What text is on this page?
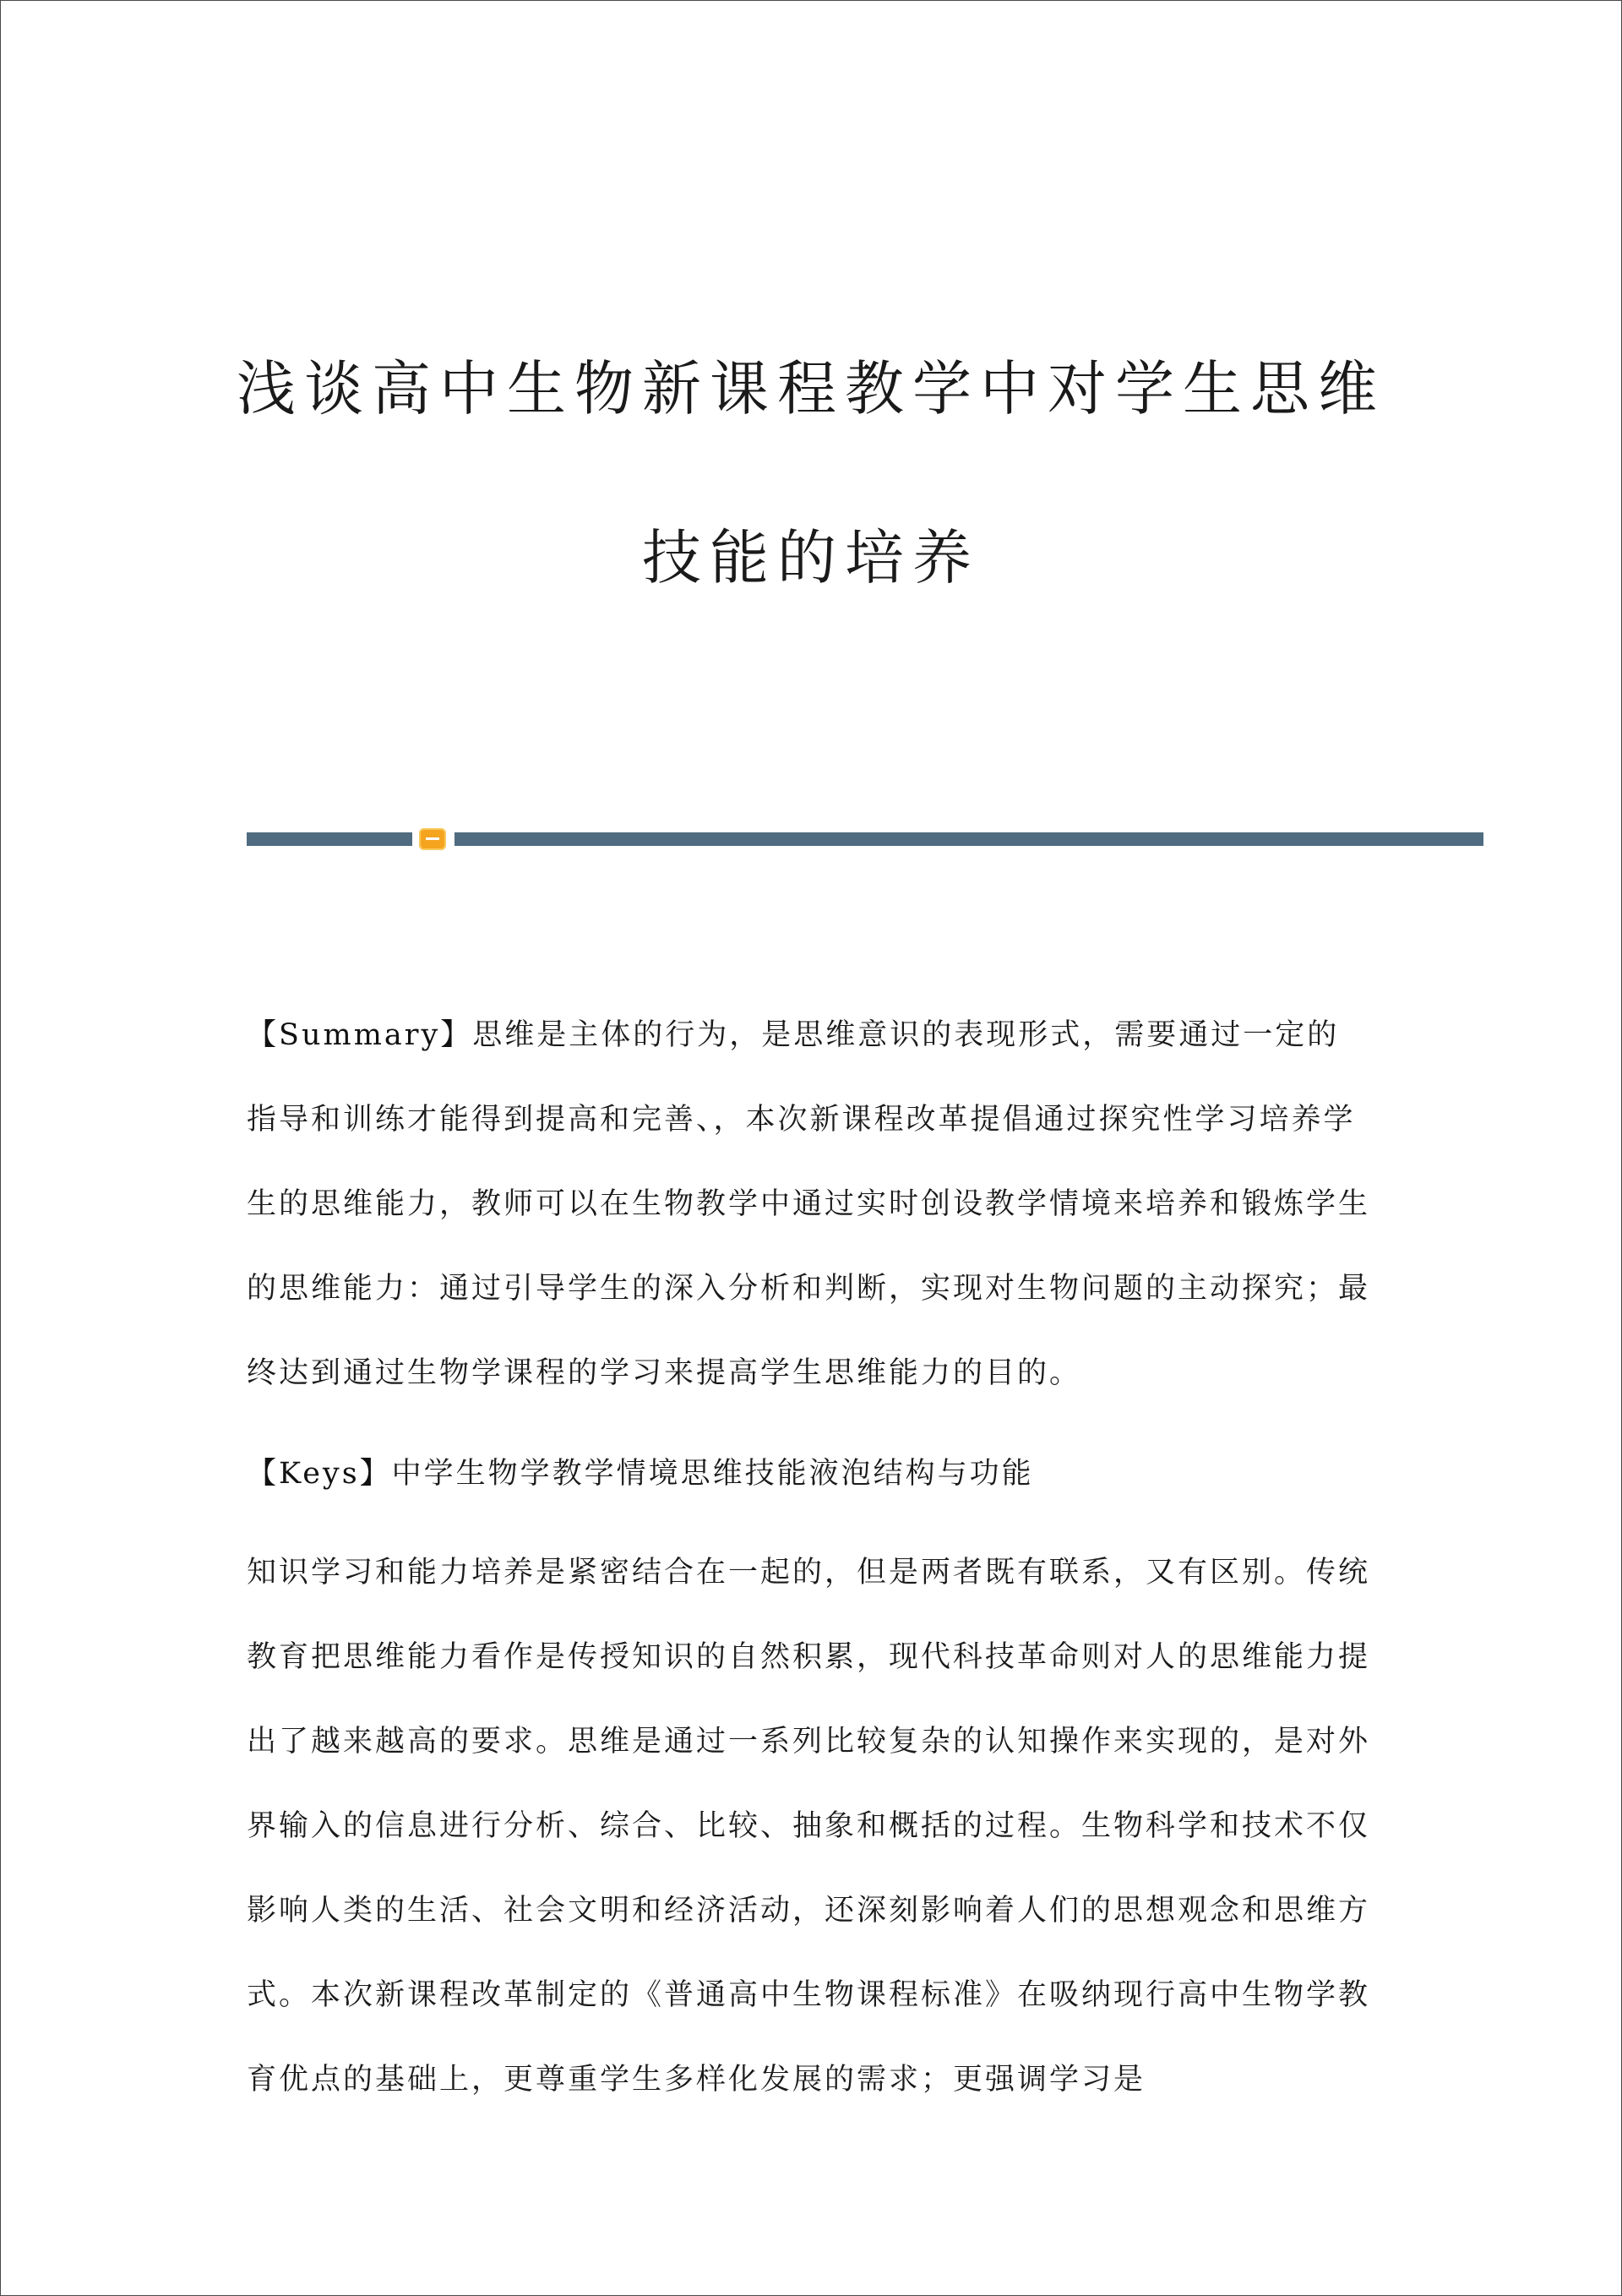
浅谈高中生物新课程教学中对学生思维
技能的培养

【Summary】思维是主体的行为，是思维意识的表现形式，需要通过一定的指导和训练才能得到提高和完善、，本次新课程改革提倡通过探究性学习培养学生的思维能力，教师可以在生物教学中通过实时创设教学情境来培养和锻炼学生的思维能力：通过引导学生的深入分析和判断，实现对生物问题的主动探究；最终达到通过生物学课程的学习来提高学生思维能力的目的。

【Keys】中学生物学教学情境思维技能液泡结构与功能

知识学习和能力培养是紧密结合在一起的，但是两者既有联系，又有区别。传统教育把思维能力看作是传授知识的自然积累，现代科技革命则对人的思维能力提出了越来越高的要求。思维是通过一系列比较复杂的认知操作来实现的，是对外界输入的信息进行分析、综合、比较、抽象和概括的过程。生物科学和技术不仅影响人类的生活、社会文明和经济活动，还深刻影响着人们的思想观念和思维方式。本次新课程改革制定的《普通高中生物课程标准》在吸纳现行高中生物学教育优点的基础上，更尊重学生多样化发展的需求；更强调学习是
